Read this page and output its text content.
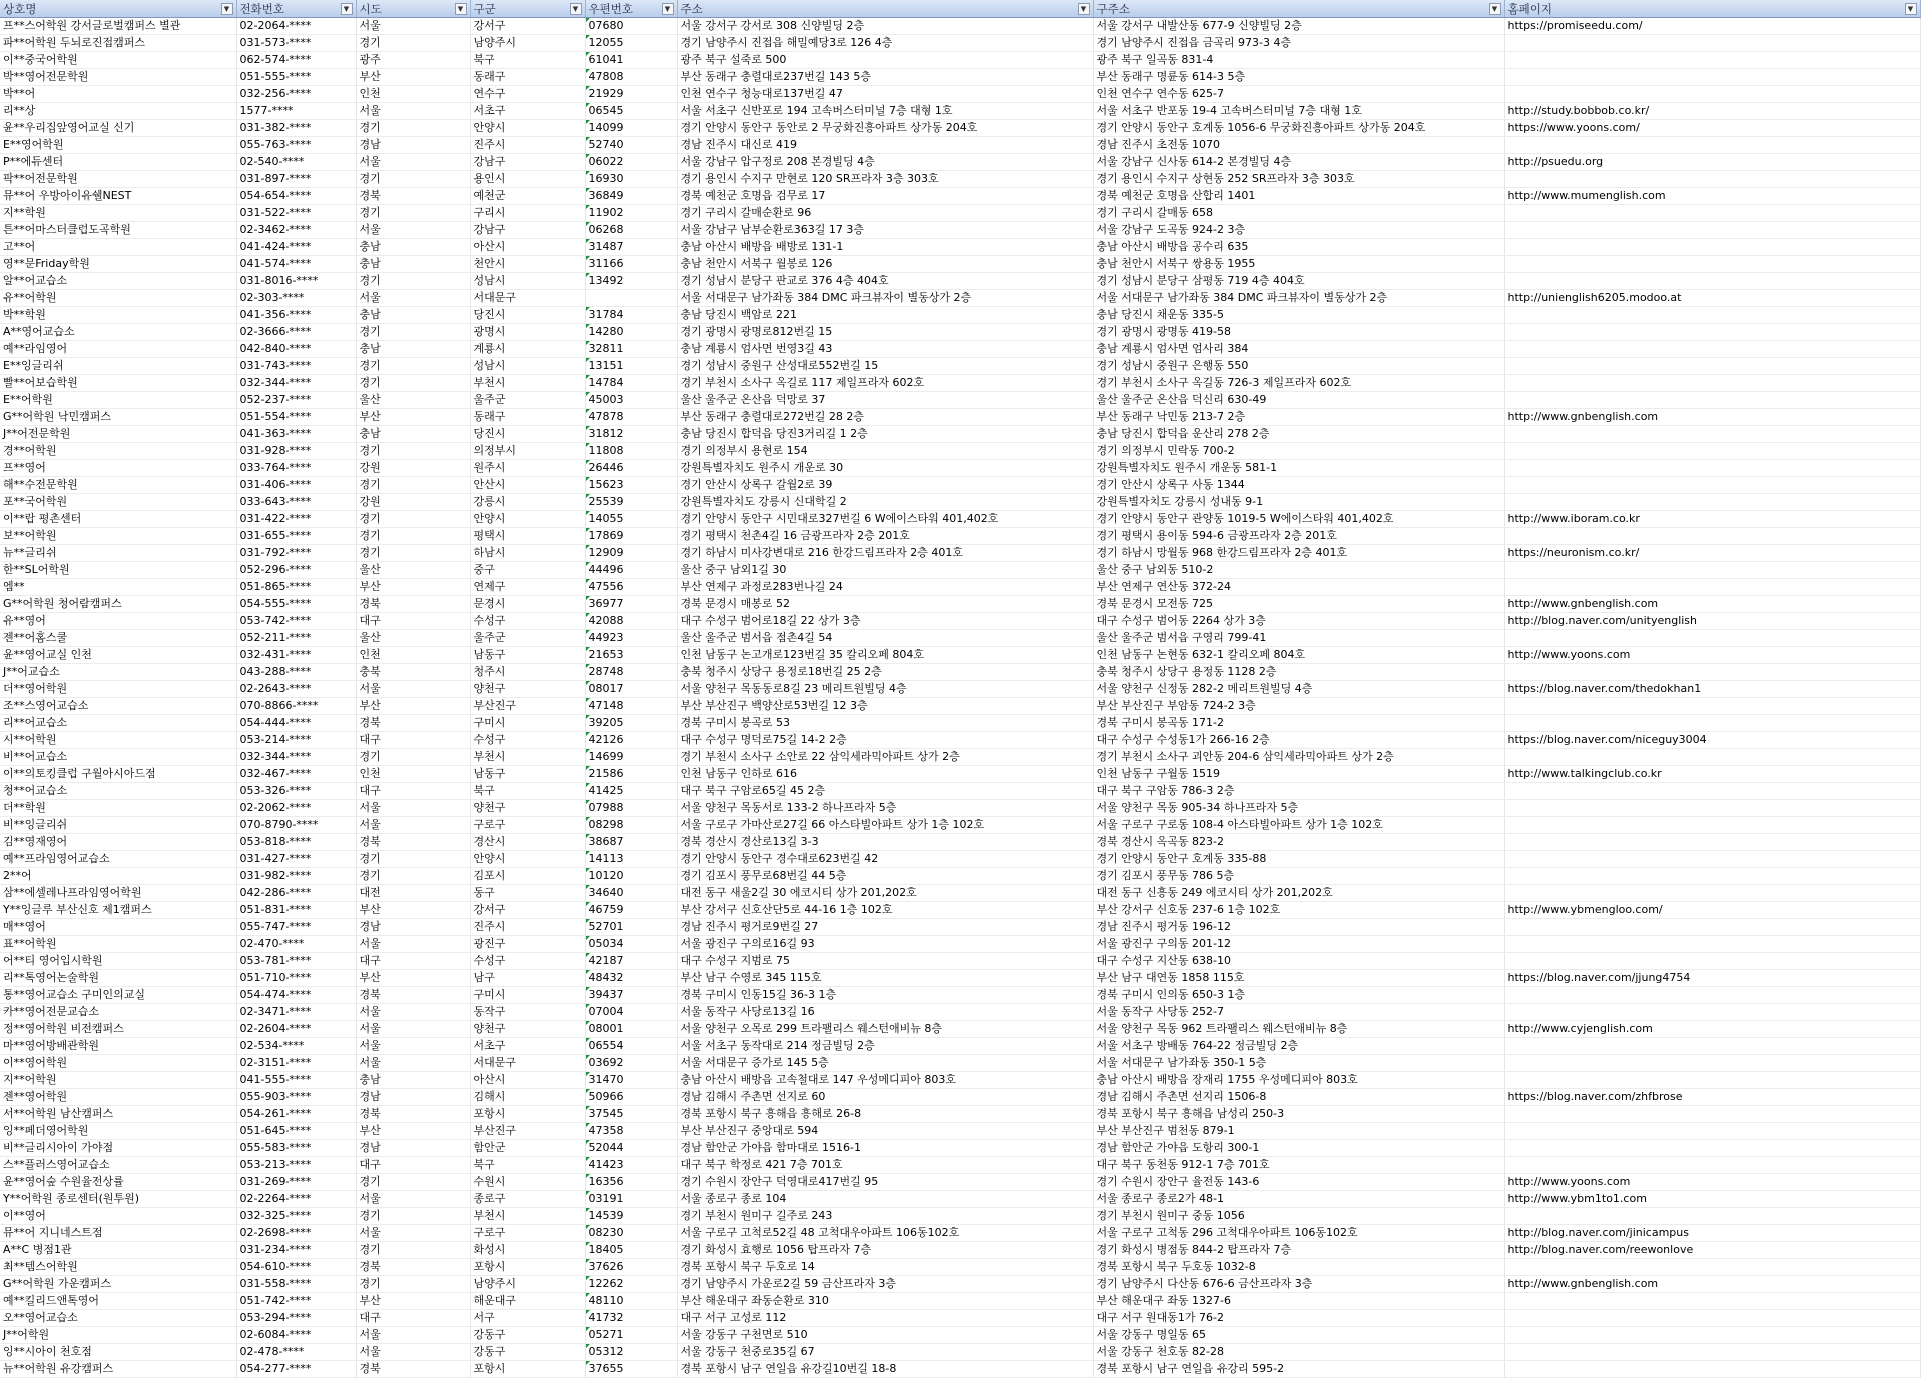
상호명 ▼	전화번호 ▼	시도 ▼	구군 ▼	우편번호 ▼	주소 ▼	구주소 ▼	홈페이지 ▼

프**스어학원 강서글로벌캠퍼스 별관	02-2064-****	서울	강서구	07680	서울 강서구 강서로 308 신양빌딩 2층	서울 강서구 내발산동 677-9 신양빌딩 2층	https://promiseedu.com/
파**어학원 두뇌로진접캠퍼스	031-573-****	경기	남양주시	12055	경기 남양주시 진접읍 해밀예당3로 126 4층	경기 남양주시 진접읍 금곡리 973-3 4층	
이**중국어학원	062-574-****	광주	북구	61041	광주 북구 설죽로 500	광주 북구 일곡동 831-4	
박**영어전문학원	051-555-****	부산	동래구	47808	부산 동래구 충렬대로237번길 143 5층	부산 동래구 명륜동 614-3 5층	
박**어	032-256-****	인천	연수구	21929	인천 연수구 청능대로137번길 47	인천 연수구 연수동 625-7	
리**상	1577-****	서울	서초구	06545	서울 서초구 신반포로 194 고속버스터미널 7층 대형 1호	서울 서초구 반포동 19-4 고속버스터미널 7층 대형 1호	http://study.bobbob.co.kr/
윤**우리집앞영어교실 신기	031-382-****	경기	안양시	14099	경기 안양시 동안구 동안로 2 무궁화진흥아파트 상가동 204호	경기 안양시 동안구 호계동 1056-6 무궁화진흥아파트 상가동 204호	https://www.yoons.com/
E**영어학원	055-763-****	경남	진주시	52740	경남 진주시 대신로 419	경남 진주시 초전동 1070	
P**에듀센터	02-540-****	서울	강남구	06022	서울 강남구 압구정로 208 본경빌딩 4층	서울 강남구 신사동 614-2 본경빌딩 4층	http://psuedu.org
팍**어전문학원	031-897-****	경기	용인시	16930	경기 용인시 수지구 만현로 120 SR프라자 3층 303호	경기 용인시 수지구 상현동 252 SR프라자 3층 303호	
뮤**어 우방아이유쉘NEST	054-654-****	경북	예천군	36849	경북 예천군 호명읍 검무로 17	경북 예천군 호명읍 산합리 1401	http://www.mumenglish.com
지**학원	031-522-****	경기	구리시	11902	경기 구리시 갈매순환로 96	경기 구리시 갈매동 658	
튼**어마스터클럽도곡학원	02-3462-****	서울	강남구	06268	서울 강남구 남부순환로363길 17 3층	서울 강남구 도곡동 924-2 3층	
고**어	041-424-****	충남	아산시	31487	충남 아산시 배방읍 배방로 131-1	충남 아산시 배방읍 공수리 635	
영**문Friday학원	041-574-****	충남	천안시	31166	충남 천안시 서북구 월봉로 126	충남 천안시 서북구 쌍용동 1955	
알**어교습소	031-8016-****	경기	성남시	13492	경기 성남시 분당구 판교로 376 4층 404호	경기 성남시 분당구 삼평동 719 4층 404호	
유**어학원	02-303-****	서울	서대문구		서울 서대문구 남가좌동 384 DMC 파크뷰자이 별동상가 2층	서울 서대문구 남가좌동 384 DMC 파크뷰자이 별동상가 2층	http://unienglish6205.modoo.at
박**학원	041-356-****	충남	당진시	31784	충남 당진시 백암로 221	충남 당진시 채운동 335-5	
A**영어교습소	02-3666-****	경기	광명시	14280	경기 광명시 광명로812번길 15	경기 광명시 광명동 419-58	
예**라임영어	042-840-****	충남	계룡시	32811	충남 계룡시 엄사면 번영3길 43	충남 계룡시 엄사면 엄사리 384	
E**잉글리쉬	031-743-****	경기	성남시	13151	경기 성남시 중원구 산성대로552번길 15	경기 성남시 중원구 은행동 550	
빨**어보습학원	032-344-****	경기	부천시	14784	경기 부천시 소사구 옥길로 117 제일프라자 602호	경기 부천시 소사구 옥길동 726-3 제일프라자 602호	
E**어학원	052-237-****	울산	울주군	45003	울산 울주군 온산읍 덕망로 37	울산 울주군 온산읍 덕신리 630-49	
G**어학원 낙민캠퍼스	051-554-****	부산	동래구	47878	부산 동래구 충렬대로272번길 28 2층	부산 동래구 낙민동 213-7 2층	http://www.gnbenglish.com
J**어전문학원	041-363-****	충남	당진시	31812	충남 당진시 합덕읍 당진3거리길 1 2층	충남 당진시 합덕읍 운산리 278 2층	
경**어학원	031-928-****	경기	의정부시	11808	경기 의정부시 용현로 154	경기 의정부시 민락동 700-2	
프**영어	033-764-****	강원	원주시	26446	강원특별자치도 원주시 개운로 30	강원특별자치도 원주시 개운동 581-1	
해**수전문학원	031-406-****	경기	안산시	15623	경기 안산시 상록구 갈월2로 39	경기 안산시 상록구 사동 1344	
포**국어학원	033-643-****	강원	강릉시	25539	강원특별자치도 강릉시 신대학길 2	강원특별자치도 강릉시 성내동 9-1	
이**랍 평촌센터	031-422-****	경기	안양시	14055	경기 안양시 동안구 시민대로327번길 6 W에이스타워 401,402호	경기 안양시 동안구 관양동 1019-5 W에이스타워 401,402호	http://www.iboram.co.kr
보**어학원	031-655-****	경기	평택시	17869	경기 평택시 천촌4길 16 금광프라자 2층 201호	경기 평택시 용이동 594-6 금광프라자 2층 201호	
뉴**글리쉬	031-792-****	경기	하남시	12909	경기 하남시 미사강변대로 216 한강드림프라자 2층 401호	경기 하남시 망월동 968 한강드림프라자 2층 401호	https://neuronism.co.kr/
한**SL어학원	052-296-****	울산	중구	44496	울산 중구 남외1길 30	울산 중구 남외동 510-2	
엠**	051-865-****	부산	연제구	47556	부산 연제구 과정로283번나길 24	부산 연제구 연산동 372-24	
G**어학원 청어람캠퍼스	054-555-****	경북	문경시	36977	경북 문경시 매봉로 52	경북 문경시 모전동 725	http://www.gnbenglish.com
유**영어	053-742-****	대구	수성구	42088	대구 수성구 범어로18길 22 상가 3층	대구 수성구 범어동 2264 상가 3층	http://blog.naver.com/unityenglish
젠**어홈스쿨	052-211-****	울산	울주군	44923	울산 울주군 범서읍 점촌4길 54	울산 울주군 범서읍 구영리 799-41	
윤**영어교실 인천	032-431-****	인천	남동구	21653	인천 남동구 논고개로123번길 35 칼리오페 804호	인천 남동구 논현동 632-1 칼리오페 804호	http://www.yoons.com
J**어교습소	043-288-****	충북	청주시	28748	충북 청주시 상당구 용정로18번길 25 2층	충북 청주시 상당구 용정동 1128 2층	
더**영어학원	02-2643-****	서울	양천구	08017	서울 양천구 목동동로8길 23 메리트원빌딩 4층	서울 양천구 신정동 282-2 메리트원빌딩 4층	https://blog.naver.com/thedokhan1
조**스영어교습소	070-8866-****	부산	부산진구	47148	부산 부산진구 백양산로53번길 12 3층	부산 부산진구 부암동 724-2 3층	
리**어교습소	054-444-****	경북	구미시	39205	경북 구미시 봉곡로 53	경북 구미시 봉곡동 171-2	
시**어학원	053-214-****	대구	수성구	42126	대구 수성구 명덕로75길 14-2 2층	대구 수성구 수성동1가 266-16 2층	https://blog.naver.com/niceguy3004
비**어교습소	032-344-****	경기	부천시	14699	경기 부천시 소사구 소안로 22 삼익세라믹아파트 상가 2층	경기 부천시 소사구 괴안동 204-6 삼익세라믹아파트 상가 2층	
이**의토킹클럽 구월아시아드점	032-467-****	인천	남동구	21586	인천 남동구 인하로 616	인천 남동구 구월동 1519	http://www.talkingclub.co.kr
청**어교습소	053-326-****	대구	북구	41425	대구 북구 구암로65길 45 2층	대구 북구 구암동 786-3 2층	
더**학원	02-2062-****	서울	양천구	07988	서울 양천구 목동서로 133-2 하나프라자 5층	서울 양천구 목동 905-34 하나프라자 5층	
비**잉글리쉬	070-8790-****	서울	구로구	08298	서울 구로구 가마산로27길 66 아스타빌아파트 상가 1층 102호	서울 구로구 구로동 108-4 아스타빌아파트 상가 1층 102호	
김**영재영어	053-818-****	경북	경산시	38687	경북 경산시 경산로13길 3-3	경북 경산시 옥곡동 823-2	
예**프라임영어교습소	031-427-****	경기	안양시	14113	경기 안양시 동안구 경수대로623번길 42	경기 안양시 동안구 호계동 335-88	
2**어	031-982-****	경기	김포시	10120	경기 김포시 풍무로68번길 44 5층	경기 김포시 풍무동 786 5층	
삼**에셀레나프라임영어학원	042-286-****	대전	동구	34640	대전 동구 새울2길 30 에코시티 상가 201,202호	대전 동구 신흥동 249 에코시티 상가 201,202호	
Y**잉글루 부산신호 제1캠퍼스	051-831-****	부산	강서구	46759	부산 강서구 신호산단5로 44-16 1층 102호	부산 강서구 신호동 237-6 1층 102호	http://www.ybmengloo.com/
매**영어	055-747-****	경남	진주시	52701	경남 진주시 평거로9번길 27	경남 진주시 평거동 196-12	
표**어학원	02-470-****	서울	광진구	05034	서울 광진구 구의로16길 93	서울 광진구 구의동 201-12	
어**티 영어입시학원	053-781-****	대구	수성구	42187	대구 수성구 지범로 75	대구 수성구 지산동 638-10	
리**톡영어논술학원	051-710-****	부산	남구	48432	부산 남구 수영로 345 115호	부산 남구 대연동 1858 115호	https://blog.naver.com/jjung4754
통**영어교습소 구미인의교실	054-474-****	경북	구미시	39437	경북 구미시 인동15길 36-3 1층	경북 구미시 인의동 650-3 1층	
카**영어전문교습소	02-3471-****	서울	동작구	07004	서울 동작구 사당로13길 16	서울 동작구 사당동 252-7	
정**영어학원 비전캠퍼스	02-2604-****	서울	양천구	08001	서울 양천구 오목로 299 트라팰리스 웨스턴애비뉴 8층	서울 양천구 목동 962 트라팰리스 웨스턴애비뉴 8층	http://www.cyjenglish.com
마**영어방배관학원	02-534-****	서울	서초구	06554	서울 서초구 동작대로 214 정금빌딩 2층	서울 서초구 방배동 764-22 정금빌딩 2층	
이**영어학원	02-3151-****	서울	서대문구	03692	서울 서대문구 증가로 145 5층	서울 서대문구 남가좌동 350-1 5층	
지**어학원	041-555-****	충남	아산시	31470	충남 아산시 배방읍 고속철대로 147 우성메디피아 803호	충남 아산시 배방읍 장재리 1755 우성메디피아 803호	
젠**영어학원	055-903-****	경남	김해시	50966	경남 김해시 주촌면 선지로 60	경남 김해시 주촌면 선지리 1506-8	https://blog.naver.com/zhfbrose
서**어학원 남산캠퍼스	054-261-****	경북	포항시	37545	경북 포항시 북구 흥해읍 흥해로 26-8	경북 포항시 북구 흥해읍 남성리 250-3	
잉**페더영어학원	051-645-****	부산	부산진구	47358	부산 부산진구 중앙대로 594	부산 부산진구 범천동 879-1	
비**글리시아이 가야점	055-583-****	경남	함안군	52044	경남 함안군 가야읍 함마대로 1516-1	경남 함안군 가야읍 도항리 300-1	
스**플러스영어교습소	053-213-****	대구	북구	41423	대구 북구 학정로 421 7층 701호	대구 북구 동천동 912-1 7층 701호	
윤**영어숲 수원율전상률	031-269-****	경기	수원시	16356	경기 수원시 장안구 덕영대로417번길 95	경기 수원시 장안구 율전동 143-6	http://www.yoons.com
Y**어학원 종로센터(원투원)	02-2264-****	서울	종로구	03191	서울 종로구 종로 104	서울 종로구 종로2가 48-1	http://www.ybm1to1.com
이**영어	032-325-****	경기	부천시	14539	경기 부천시 원미구 길주로 243	경기 부천시 원미구 중동 1056	
뮤**어 지니네스트점	02-2698-****	서울	구로구	08230	서울 구로구 고척로52길 48 고척대우아파트 106동102호	서울 구로구 고척동 296 고척대우아파트 106동102호	http://blog.naver.com/jinicampus
A**C 병점1관	031-234-****	경기	화성시	18405	경기 화성시 효행로 1056 탑프라자 7층	경기 화성시 병점동 844-2 탑프라자 7층	http://blog.naver.com/reewonlove
최**템스어학원	054-610-****	경북	포항시	37626	경북 포항시 북구 두호로 14	경북 포항시 북구 두호동 1032-8	
G**어학원 가운캠퍼스	031-558-****	경기	남양주시	12262	경기 남양주시 가운로2길 59 금산프라자 3층	경기 남양주시 다산동 676-6 금산프라자 3층	http://www.gnbenglish.com
예**킬리드앤톡영어	051-742-****	부산	해운대구	48110	부산 해운대구 좌동순환로 310	부산 해운대구 좌동 1327-6	
오**영어교습소	053-294-****	대구	서구	41732	대구 서구 고성로 112	대구 서구 원대동1가 76-2	
J**어학원	02-6084-****	서울	강동구	05271	서울 강동구 구천면로 510	서울 강동구 명일동 65	
잉**시아이 천호점	02-478-****	서울	강동구	05312	서울 강동구 천중로35길 67	서울 강동구 천호동 82-28	
뉴**어학원 유강캠퍼스	054-277-****	경북	포항시	37655	경북 포항시 남구 연일읍 유강길10번길 18-8	경북 포항시 남구 연일읍 유강리 595-2	
